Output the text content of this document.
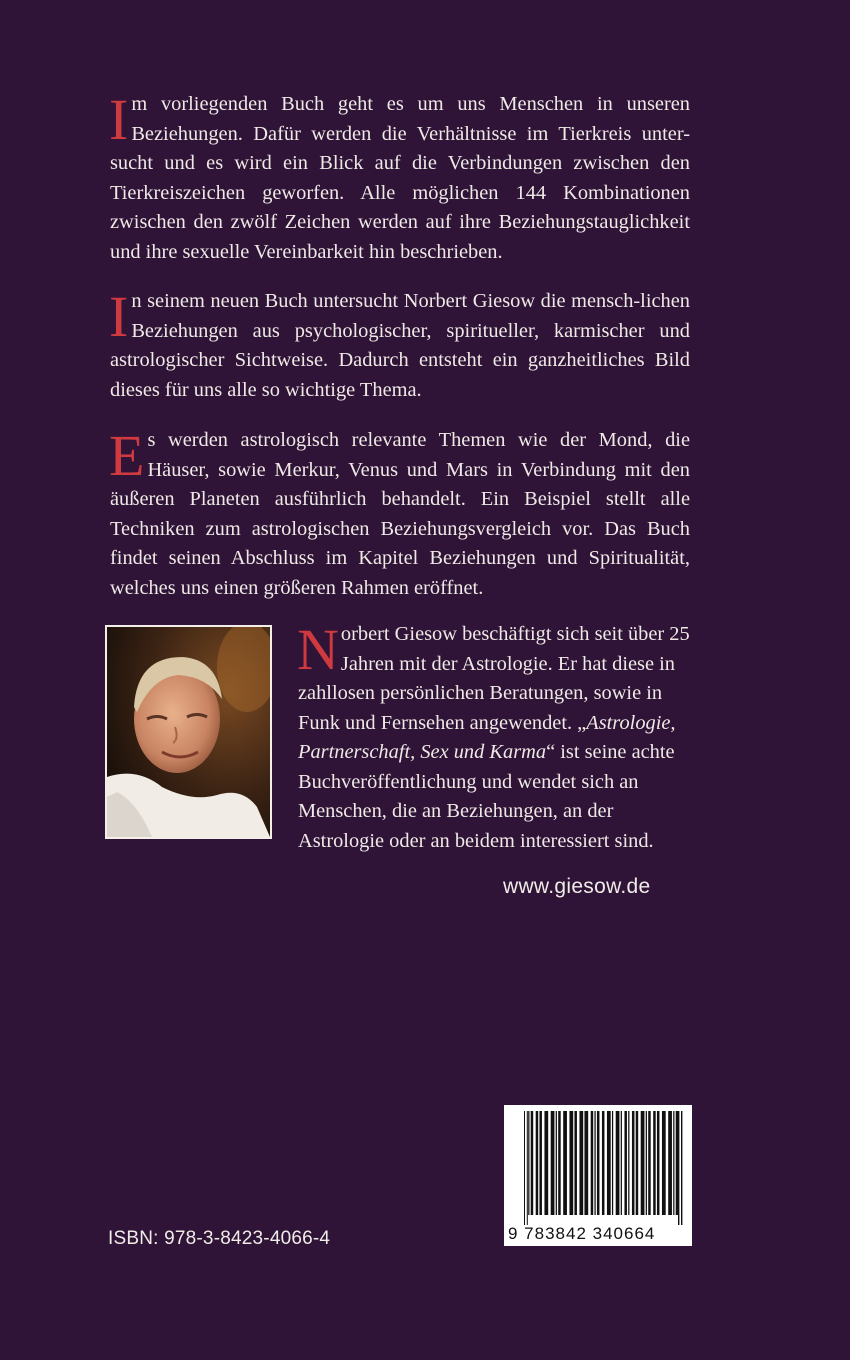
Im vorliegenden Buch geht es um uns Menschen in unseren Beziehungen. Dafür werden die Verhältnisse im Tierkreis unter-sucht und es wird ein Blick auf die Verbindungen zwischen den Tierkreiszeichen geworfen. Alle möglichen 144 Kombinationen zwischen den zwölf Zeichen werden auf ihre Beziehungstauglichkeit und ihre sexuelle Vereinbarkeit hin beschrieben.

In seinem neuen Buch untersucht Norbert Giesow die mensch-lichen Beziehungen aus psychologischer, spiritueller, karmischer und astrologischer Sichtweise. Dadurch entsteht ein ganzheitliches Bild dieses für uns alle so wichtige Thema.

Es werden astrologisch relevante Themen wie der Mond, die Häuser, sowie Merkur, Venus und Mars in Verbindung mit den äußeren Planeten ausführlich behandelt. Ein Beispiel stellt alle Techniken zum astrologischen Beziehungsvergleich vor. Das Buch findet seinen Abschluss im Kapitel Beziehungen und Spiritualität, welches uns einen größeren Rahmen eröffnet.

Norbert Giesow beschäftigt sich seit über 25 Jahren mit der Astrologie. Er hat diese in zahllosen persönlichen Beratungen, sowie in Funk und Fernsehen angewendet. „Astrologie, Partnerschaft, Sex und Karma“ ist seine achte Buchveröffentlichung und wendet sich an Menschen, die an Beziehungen, an der Astrologie oder an beidem interessiert sind.

www.giesow.de
9 783842 340664
ISBN: 978-3-8423-4066-4
